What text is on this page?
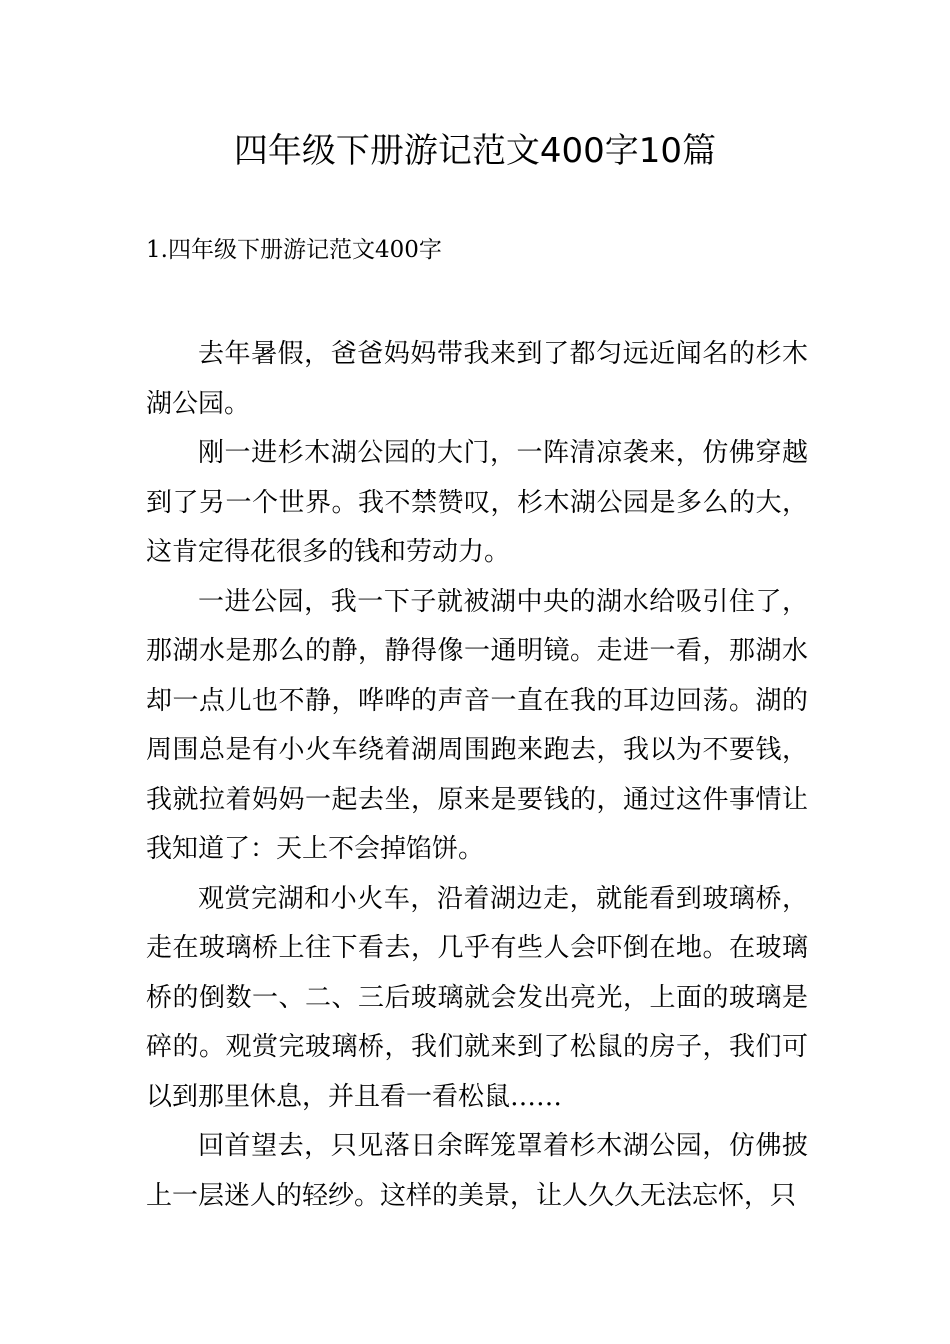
四年级下册游记范文400字10篇
1.四年级下册游记范文400字

去年暑假，爸爸妈妈带我来到了都匀远近闻名的杉木湖公园。

刚一进杉木湖公园的大门，一阵清凉袭来，仿佛穿越到了另一个世界。我不禁赞叹，杉木湖公园是多么的大，这肯定得花很多的钱和劳动力。

一进公园，我一下子就被湖中央的湖水给吸引住了，那湖水是那么的静，静得像一通明镜。走进一看，那湖水却一点儿也不静，哗哗的声音一直在我的耳边回荡。湖的周围总是有小火车绕着湖周围跑来跑去，我以为不要钱，我就拉着妈妈一起去坐，原来是要钱的，通过这件事情让我知道了：天上不会掉馅饼。

观赏完湖和小火车，沿着湖边走，就能看到玻璃桥，走在玻璃桥上往下看去，几乎有些人会吓倒在地。在玻璃桥的倒数一、二、三后玻璃就会发出亮光，上面的玻璃是碎的。观赏完玻璃桥，我们就来到了松鼠的房子，我们可以到那里休息，并且看一看松鼠……

回首望去，只见落日余晖笼罩着杉木湖公园，仿佛披上一层迷人的轻纱。这样的美景，让人久久无法忘怀，只
